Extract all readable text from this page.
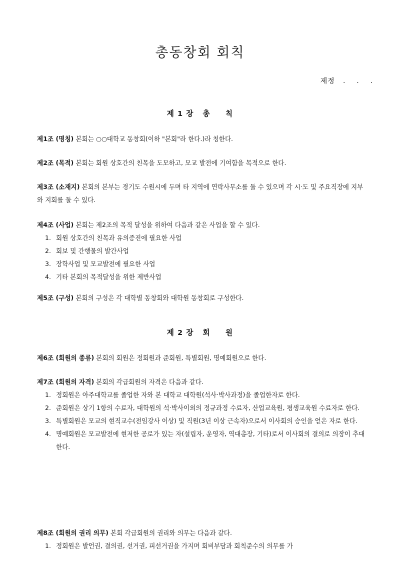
총동창회 회칙
제정   .    .    .
제 1 장   총     칙
제1조 (명칭) 본회는 ○○대학교 동창회(이하 "본회"라 한다.)라 칭한다.
제2조 (목적) 본회는 회원 상호간의 친목을 도모하고, 모교 발전에 기여함을 목적으로 한다.
제3조 (소재지) 본회의 본부는 경기도 수원시에 두며 타 지역에 연락사무소를 둘 수 있으며 각 시·도 및 주요직장에 지부와 지회를 둘 수 있다.
제4조 (사업) 본회는 제2조의 목적 달성을 위하여 다음과 같은 사업을 할 수 있다.
1. 회원 상호간의 친목과 유의증진에 필요한 사업
2. 회보 및 간행물의 발간사업
3. 장학사업 및 모교발전에 필요한 사업
4. 기타 본회의 목적달성을 위한 제반사업
제5조 (구성) 본회의 구성은 각 대학별 동창회와 대학원 동창회로 구성한다.
제 2 장   회     원
제6조 (회원의 종류) 본회의 회원은 정회원과 준회원, 특별회원, 명예회원으로 한다.
제7조 (회원의 자격) 본회의 각급회원의 자격은 다음과 같다.
1. 정회원은 아주대학교를 졸업한 자와 본 대학교 대학원(석사·박사과정)을 졸업한자로 한다.
2. 준회원은 상기 1항의 수료자, 대학원의 석·박사이외의 정규과정 수료자, 산업교육원, 평생교육원 수료자로 한다.
3. 특별회원은 모교의 현직교수(전임강사 이상) 및 직원(3년 이상 근속자)으로서 이사회의 승인을 얻은 자로 한다.
4. 명예회원은 모교발전에 현저한 공로가 있는 자(설립자, 운영자, 역대총장, 기타)로서 이사회의 결의로 의장이 추대한다.
제8조 (회원의 권리 의무) 본회 각급회원의 권리와 의무는 다음과 같다.
1. 정회원은 발언권, 결의권, 선거권, 피선거권을 가지며 회비부담과 회칙준수의 의무를 가
